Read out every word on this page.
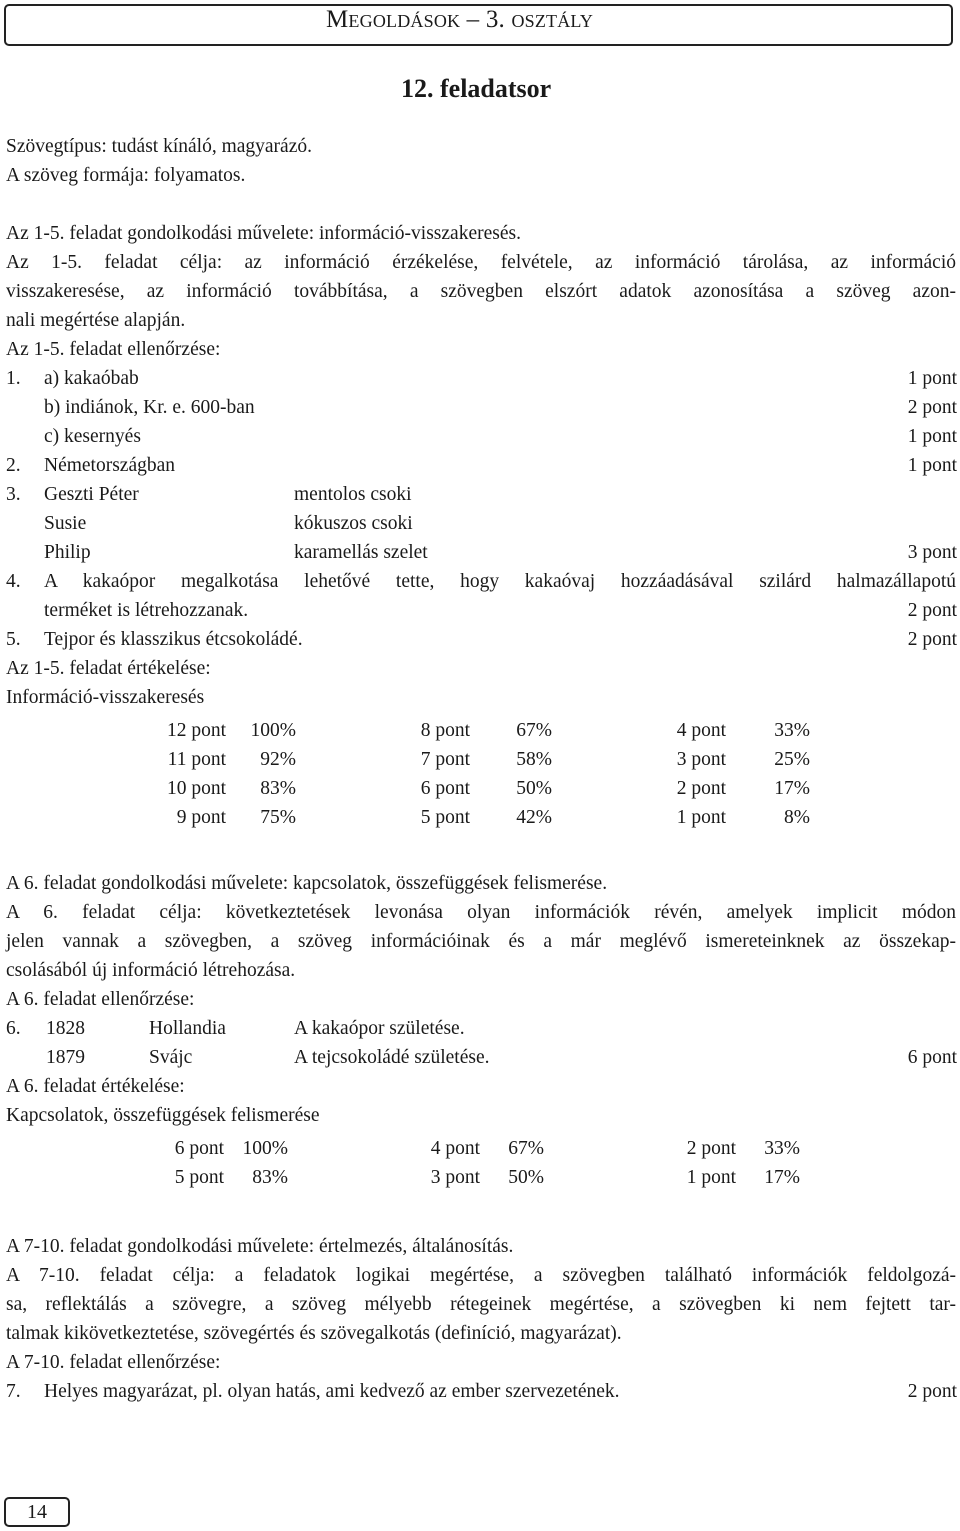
Megoldások – 3. osztály
12. feladatsor
Szövegtípus: tudást kínáló, magyarázó.
A szöveg formája: folyamatos.
Az 1-5. feladat gondolkodási művelete: információ-visszakeresés.
Az 1-5. feladat célja: az információ érzékelése, felvétele, az információ tárolása, az információ
visszakeresése, az információ továbbítása, a szövegben elszórt adatok azonosítása a szöveg azon-
nali megértése alapján.
Az 1-5. feladat ellenőrzése:
1. a) kakaóbab	1 pont
b) indiánok, Kr. e. 600-ban	2 pont
c) kesernyés	1 pont
2. Németországban	1 pont
3. Geszti Péter	mentolos csoki
Susie	kókuszos csoki
Philip	karamellás szelet	3 pont
4. A kakaópor megalkotása lehetővé tette, hogy kakaóvaj hozzáadásával szilárd halmazállapotú
terméket is létrehozzanak.	2 pont
5. Tejpor és klasszikus étcsokoládé.	2 pont
Az 1-5. feladat értékelése:
Információ-visszakeresés
12 pont	100%	8 pont	67%	4 pont	33%
11 pont	92%	7 pont	58%	3 pont	25%
10 pont	83%	6 pont	50%	2 pont	17%
9 pont	75%	5 pont	42%	1 pont	8%
A 6. feladat gondolkodási művelete: kapcsolatok, összefüggések felismerése.
A 6. feladat célja: következtetések levonása olyan információk révén, amelyek implicit módon
jelen vannak a szövegben, a szöveg információinak és a már meglévő ismereteinknek az összekap-
csolásából új információ létrehozása.
A 6. feladat ellenőrzése:
6. 1828	Hollandia	A kakaópor születése.
1879	Svájc	A tejcsokoládé születése.	6 pont
A 6. feladat értékelése:
Kapcsolatok, összefüggések felismerése
6 pont 100%	4 pont	67%	2 pont	33%
5 pont	83%	3 pont	50%	1 pont	17%
A 7-10. feladat gondolkodási művelete: értelmezés, általánosítás.
A 7-10. feladat célja: a feladatok logikai megértése, a szövegben található információk feldolgozá-
sa, reflektálás a szövegre, a szöveg mélyebb rétegeinek megértése, a szövegben ki nem fejtett tar-
talmak kikövetkeztetése, szövegértés és szövegalkotás (definíció, magyarázat).
A 7-10. feladat ellenőrzése:
7. Helyes magyarázat, pl. olyan hatás, ami kedvező az ember szervezetének.	2 pont
14
